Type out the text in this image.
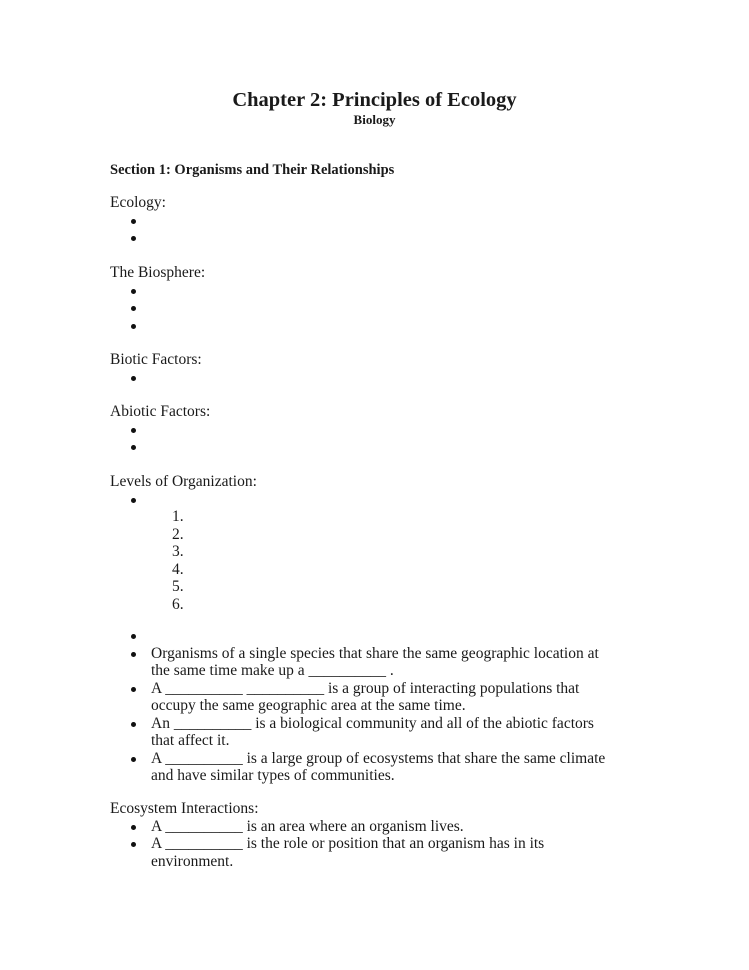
Chapter 2: Principles of Ecology
Biology
Section 1: Organisms and Their Relationships
Ecology:
The Biosphere:
Biotic Factors:
Abiotic Factors:
Levels of Organization:
1.
2.
3.
4.
5.
6.
Organisms of a single species that share the same geographic location at the same time make up a __________ .
A __________ __________ is a group of interacting populations that occupy the same geographic area at the same time.
An __________ is a biological community and all of the abiotic factors that affect it.
A __________ is a large group of ecosystems that share the same climate and have similar types of communities.
Ecosystem Interactions:
A __________ is an area where an organism lives.
A __________ is the role or position that an organism has in its environment.
